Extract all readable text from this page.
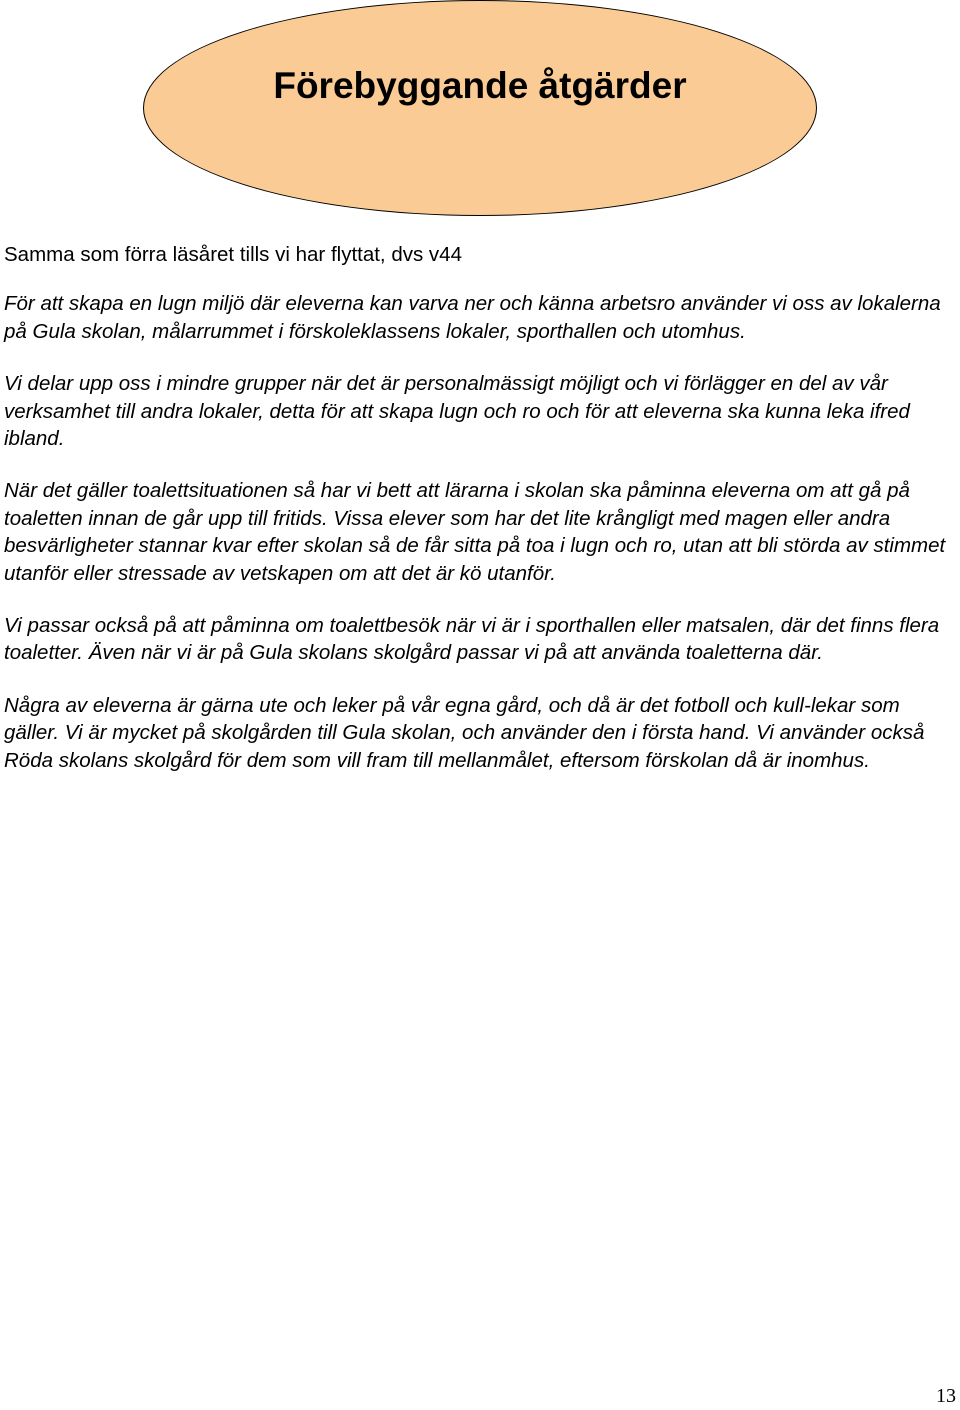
Förebyggande åtgärder

Samma som förra läsåret tills vi har flyttat, dvs v44

För att skapa en lugn miljö där eleverna kan varva ner och känna arbetsro använder vi oss av lokalerna på Gula skolan, målarrummet i förskoleklassens lokaler, sporthallen och utomhus.

Vi delar upp oss i mindre grupper när det är personalmässigt möjligt och vi förlägger en del av vår verksamhet till andra lokaler, detta för att skapa lugn och ro och för att eleverna ska kunna leka ifred ibland.

När det gäller toalettsituationen så har vi bett att lärarna i skolan ska påminna eleverna om att gå på toaletten innan de går upp till fritids. Vissa elever som har det lite krångligt med magen eller andra besvärligheter stannar kvar efter skolan så de får sitta på toa i lugn och ro, utan att bli störda av stimmet utanför eller stressade av vetskapen om att det är kö utanför.

Vi passar också på att påminna om toalettbesök när vi är i sporthallen eller matsalen, där det finns flera toaletter. Även när vi är på Gula skolans skolgård passar vi på att använda toaletterna där.

Några av eleverna är gärna ute och leker på vår egna gård, och då är det fotboll och kull-lekar som gäller. Vi är mycket på skolgården till Gula skolan, och använder den i första hand. Vi använder också Röda skolans skolgård för dem som vill fram till mellanmålet, eftersom förskolan då är inomhus.

13
